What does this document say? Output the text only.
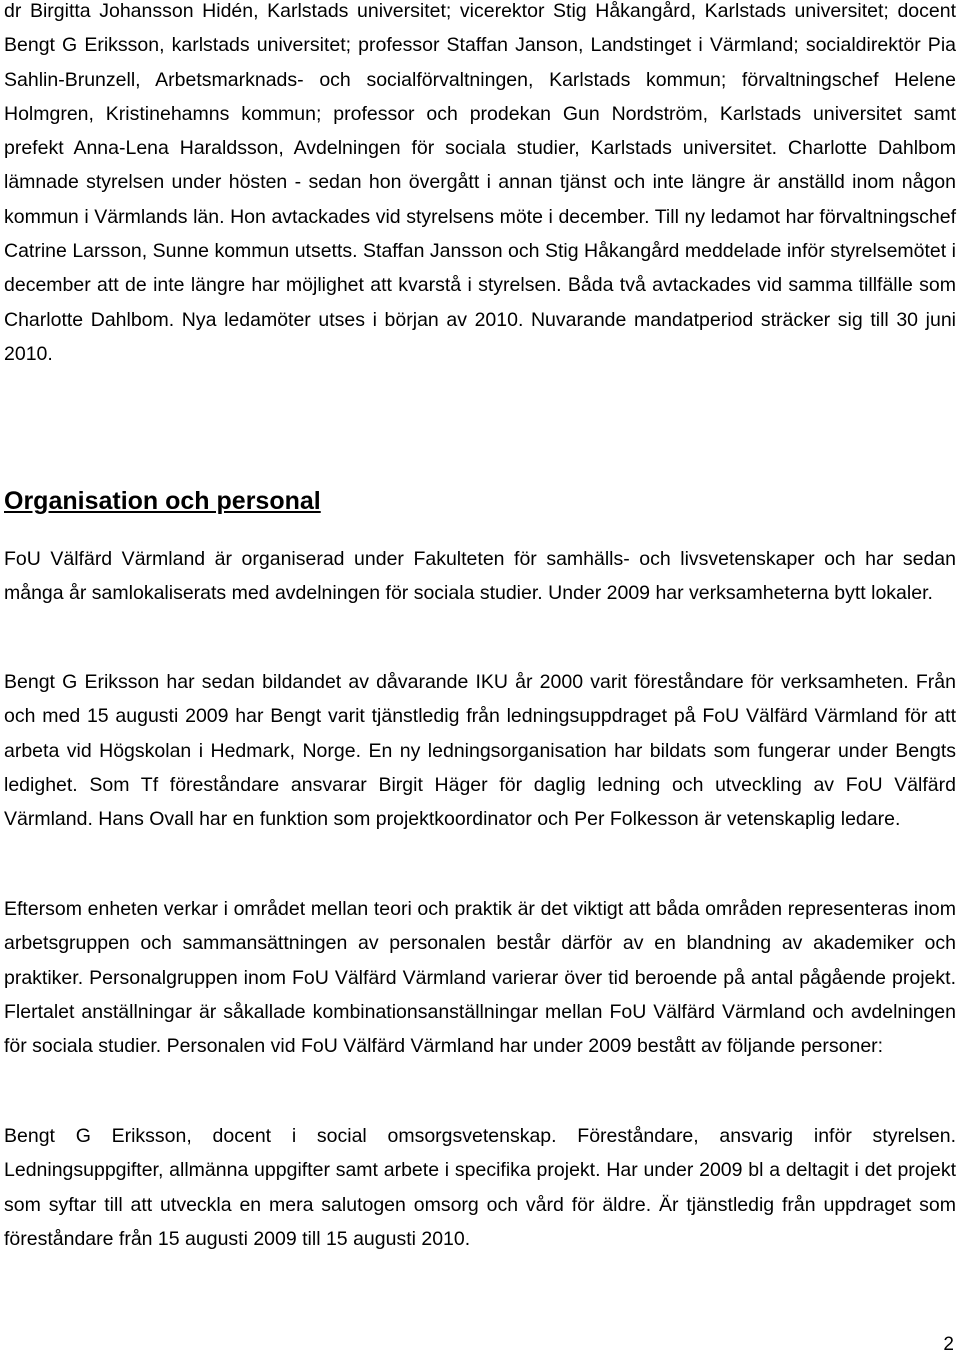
dr Birgitta Johansson Hidén, Karlstads universitet; vicerektor Stig Håkangård, Karlstads universitet; docent Bengt G Eriksson, karlstads universitet; professor Staffan Janson, Landstinget i Värmland; socialdirektör Pia Sahlin-Brunzell, Arbetsmarknads- och socialförvaltningen, Karlstads kommun; förvaltningschef Helene Holmgren, Kristinehamns kommun; professor och prodekan Gun Nordström, Karlstads universitet samt prefekt Anna-Lena Haraldsson, Avdelningen för sociala studier, Karlstads universitet. Charlotte Dahlbom lämnade styrelsen under hösten - sedan hon övergått i annan tjänst och inte längre är anställd inom någon kommun i Värmlands län. Hon avtackades vid styrelsens möte i december. Till ny ledamot har förvaltningschef Catrine Larsson, Sunne kommun utsetts. Staffan Jansson och Stig Håkangård meddelade inför styrelsemötet i december att de inte längre har möjlighet att kvarstå i styrelsen. Båda två avtackades vid samma tillfälle som Charlotte Dahlbom. Nya ledamöter utses i början av 2010. Nuvarande mandatperiod sträcker sig till 30 juni 2010.

Organisation och personal

FoU Välfärd Värmland är organiserad under Fakulteten för samhälls- och livsvetenskaper och har sedan många år samlokaliserats med avdelningen för sociala studier. Under 2009 har verksamheterna bytt lokaler.

Bengt G Eriksson har sedan bildandet av dåvarande IKU år 2000 varit föreståndare för verksamheten. Från och med 15 augusti 2009 har Bengt varit tjänstledig från ledningsuppdraget på FoU Välfärd Värmland för att arbeta vid Högskolan i Hedmark, Norge. En ny ledningsorganisation har bildats som fungerar under Bengts ledighet. Som Tf föreståndare ansvarar Birgit Häger för daglig ledning och utveckling av FoU Välfärd Värmland. Hans Ovall har en funktion som projektkoordinator och Per Folkesson är vetenskaplig ledare.

Eftersom enheten verkar i området mellan teori och praktik är det viktigt att båda områden representeras inom arbetsgruppen och sammansättningen av personalen består därför av en blandning av akademiker och praktiker. Personalgruppen inom FoU Välfärd Värmland varierar över tid beroende på antal pågående projekt. Flertalet anställningar är såkallade kombinationsanställningar mellan FoU Välfärd Värmland och avdelningen för sociala studier. Personalen vid FoU Välfärd Värmland har under 2009 bestått av följande personer:

Bengt G Eriksson, docent i social omsorgsvetenskap. Föreståndare, ansvarig inför styrelsen. Ledningsuppgifter, allmänna uppgifter samt arbete i specifika projekt. Har under 2009 bl a deltagit i det projekt som syftar till att utveckla en mera salutogen omsorg och vård för äldre. Är tjänstledig från uppdraget som föreståndare från 15 augusti 2009 till 15 augusti 2010.

2
